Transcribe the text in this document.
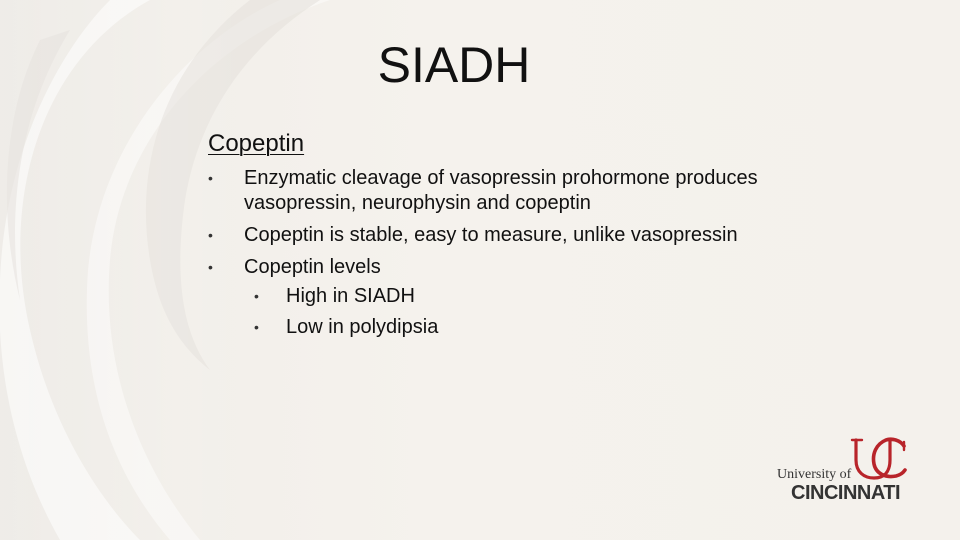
SIADH
Copeptin
• Enzymatic cleavage of vasopressin prohormone produces vasopressin, neurophysin and copeptin
• Copeptin is stable, easy to measure, unlike vasopressin
• Copeptin levels
• High in SIADH
• Low in polydipsia
University of
CINCINNATI
